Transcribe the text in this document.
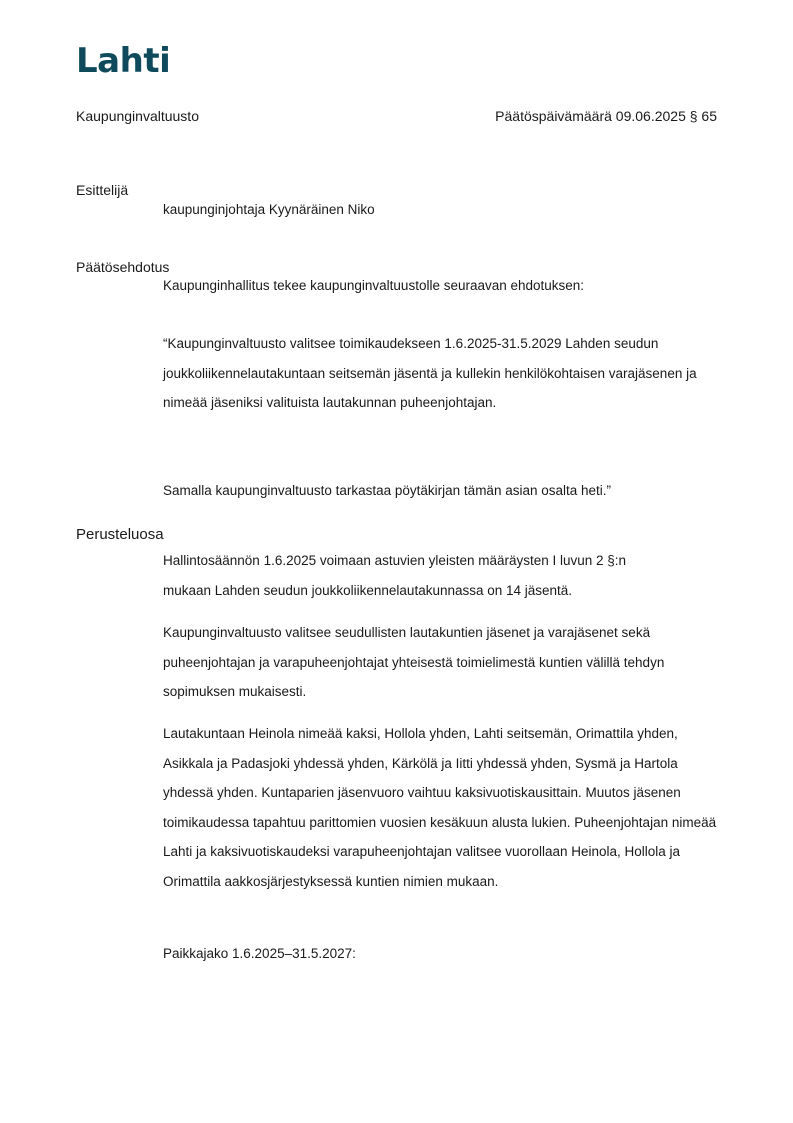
Lahti
Kaupunginvaltuusto	Päätöspäivämäärä 09.06.2025 § 65
Esittelijä

kaupunginjohtaja Kyynäräinen Niko

Päätösehdotus

Kaupunginhallitus tekee kaupunginvaltuustolle seuraavan ehdotuksen:

“Kaupunginvaltuusto valitsee toimikaudekseen 1.6.2025-31.5.2029 Lahden seudun joukkoliikennelautakuntaan seitsemän jäsentä ja kullekin henkilökohtaisen varajäsenen ja nimeää jäseniksi valituista lautakunnan puheenjohtajan.

Samalla kaupunginvaltuusto tarkastaa pöytäkirjan tämän asian osalta heti.”

Perusteluosa

Hallintosäännön 1.6.2025 voimaan astuvien yleisten määräysten I luvun 2 §:n mukaan Lahden seudun joukkoliikennelautakunnassa on 14 jäsentä.

Kaupunginvaltuusto valitsee seudullisten lautakuntien jäsenet ja varajäsenet sekä puheenjohtajan ja varapuheenjohtajat yhteisestä toimielimestä kuntien välillä tehdyn sopimuksen mukaisesti.

Lautakuntaan Heinola nimeää kaksi, Hollola yhden, Lahti seitsemän, Orimattila yhden, Asikkala ja Padasjoki yhdessä yhden, Kärkölä ja Iitti yhdessä yhden, Sysmä ja Hartola yhdessä yhden. Kuntaparien jäsenvuoro vaihtuu kaksivuotiskausittain. Muutos jäsenen toimikaudessa tapahtuu parittomien vuosien kesäkuun alusta lukien. Puheenjohtajan nimeää Lahti ja kaksivuotiskaudeksi varapuheenjohtajan valitsee vuorollaan Heinola, Hollola ja Orimattila aakkosjärjestyksessä kuntien nimien mukaan.

Paikkajako 1.6.2025–31.5.2027:
